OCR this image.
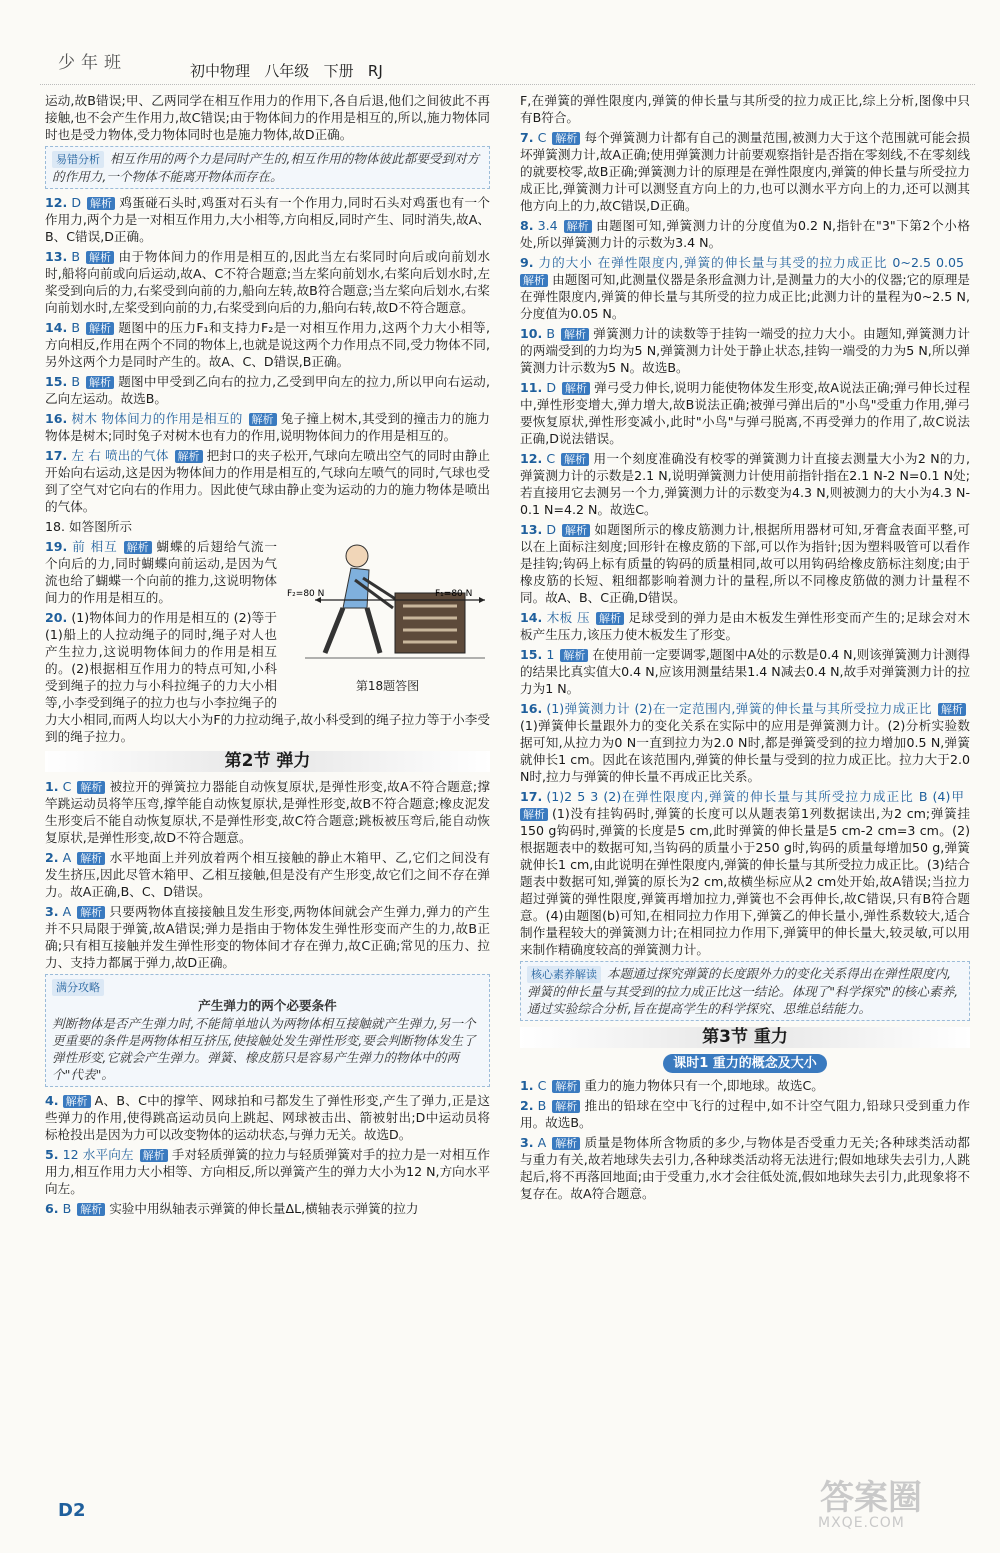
少年班	初中物理   八年级   下册   RJ
运动,故B错误;甲、乙两同学在相互作用力的作用下,各自后退,他们之间彼此不再接触,也不会产生作用力,故C错误;由于物体间力的作用是相互的,所以,施力物体同时也是受力物体,受力物体同时也是施力物体,故D正确。
易错分析 相互作用的两个力是同时产生的,相互作用的物体彼此都要受到对方的作用力,一个物体不能离开物体而存在。
12. D 解析 鸡蛋碰石头时,鸡蛋对石头有一个作用力,同时石头对鸡蛋也有一个作用力,两个力是一对相互作用力,大小相等,方向相反,同时产生、同时消失,故A、B、C错误,D正确。
13. B 解析 由于物体间力的作用是相互的,因此当左右桨同时向后或向前划水时,船将向前或向后运动,故A、C不符合题意;当左桨向前划水,右桨向后划水时,左桨受到向后的力,右桨受到向前的力,船向左转,故B符合题意;当左桨向后划水,右桨向前划水时,左桨受到向前的力,右桨受到向后的力,船向右转,故D不符合题意。
14. B 解析 题图中的压力F₁和支持力F₂是一对相互作用力,这两个力大小相等,方向相反,作用在两个不同的物体上,也就是说这两个力作用点不同,受力物体不同,另外这两个力是同时产生的。故A、C、D错误,B正确。
15. B 解析 题图中甲受到乙向右的拉力,乙受到甲向左的拉力,所以甲向右运动,乙向左运动。故选B。
16. 树木 物体间力的作用是相互的 解析 兔子撞上树木,其受到的撞击力的施力物体是树木;同时兔子对树木也有力的作用,说明物体间力的作用是相互的。
17. 左 右 喷出的气体 解析 把封口的夹子松开,气球向左喷出空气的同时由静止开始向右运动,这是因为物体间力的作用是相互的,气球向左喷气的同时,气球也受到了空气对它向右的作用力。因此使气球由静止变为运动的力的施力物体是喷出的气体。
18. 如答图所示
F₂=80 N	F₁=80 N
第18题答图
19. 前 相互 解析 蝴蝶的后翅给气流一个向后的力,同时蝴蝶向前运动,是因为气流也给了蝴蝶一个向前的推力,这说明物体间力的作用是相互的。
20. (1)物体间力的作用是相互的 (2)等于 (1)船上的人拉动绳子的同时,绳子对人也产生拉力,这说明物体间力的作用是相互的。(2)根据相互作用力的特点可知,小科受到绳子的拉力与小科拉绳子的力大小相等,小李受到绳子的拉力也与小李拉绳子的力大小相同,而两人均以大小为F的力拉动绳子,故小科受到的绳子拉力等于小李受到的绳子拉力。
第2节 弹力
1. C 解析 被拉开的弹簧拉力器能自动恢复原状,是弹性形变,故A不符合题意;撑竿跳运动员将竿压弯,撑竿能自动恢复原状,是弹性形变,故B不符合题意;橡皮泥发生形变后不能自动恢复原状,不是弹性形变,故C符合题意;跳板被压弯后,能自动恢复原状,是弹性形变,故D不符合题意。
2. A 解析 水平地面上并列放着两个相互接触的静止木箱甲、乙,它们之间没有发生挤压,因此尽管木箱甲、乙相互接触,但是没有产生形变,故它们之间不存在弹力。故A正确,B、C、D错误。
3. A 解析 只要两物体直接接触且发生形变,两物体间就会产生弹力,弹力的产生并不只局限于弹簧,故A错误;弹力是指由于物体发生弹性形变而产生的力,故B正确;只有相互接触并发生弹性形变的物体间才存在弹力,故C正确;常见的压力、拉力、支持力都属于弹力,故D正确。
满分攻略
产生弹力的两个必要条件
判断物体是否产生弹力时,不能简单地认为两物体相互接触就产生弹力,另一个更重要的条件是两物体相互挤压,使接触处发生弹性形变,要会判断物体发生了弹性形变,它就会产生弹力。弹簧、橡皮筋只是容易产生弹力的物体中的两个"代表"。
4. 解析 A、B、C中的撑竿、网球拍和弓都发生了弹性形变,产生了弹力,正是这些弹力的作用,使得跳高运动员向上跳起、网球被击出、箭被射出;D中运动员将标枪投出是因为力可以改变物体的运动状态,与弹力无关。故选D。
5. 12 水平向左 解析 手对轻质弹簧的拉力与轻质弹簧对手的拉力是一对相互作用力,相互作用力大小相等、方向相反,所以弹簧产生的弹力大小为12 N,方向水平向左。
6. B 解析 实验中用纵轴表示弹簧的伸长量ΔL,横轴表示弹簧的拉力
F,在弹簧的弹性限度内,弹簧的伸长量与其所受的拉力成正比,综上分析,图像中只有B符合。
7. C 解析 每个弹簧测力计都有自己的测量范围,被测力大于这个范围就可能会损坏弹簧测力计,故A正确;使用弹簧测力计前要观察指针是否指在零刻线,不在零刻线的就要校零,故B正确;弹簧测力计的原理是在弹性限度内,弹簧的伸长量与所受拉力成正比,弹簧测力计可以测竖直方向上的力,也可以测水平方向上的力,还可以测其他方向上的力,故C错误,D正确。
8. 3.4 解析 由题图可知,弹簧测力计的分度值为0.2 N,指针在"3"下第2个小格处,所以弹簧测力计的示数为3.4 N。
9. 力的大小 在弹性限度内,弹簧的伸长量与其受的拉力成正比 0~2.5 0.05解析 由题图可知,此测量仪器是条形盒测力计,是测量力的大小的仪器;它的原理是在弹性限度内,弹簧的伸长量与其所受的拉力成正比;此测力计的量程为0~2.5 N,分度值为0.05 N。
10. B 解析 弹簧测力计的读数等于挂钩一端受的拉力大小。由题知,弹簧测力计的两端受到的力均为5 N,弹簧测力计处于静止状态,挂钩一端受的力为5 N,所以弹簧测力计示数为5 N。故选B。
11. D 解析 弹弓受力伸长,说明力能使物体发生形变,故A说法正确;弹弓伸长过程中,弹性形变增大,弹力增大,故B说法正确;被弹弓弹出后的"小鸟"受重力作用,弹弓要恢复原状,弹性形变减小,此时"小鸟"与弹弓脱离,不再受弹力的作用了,故C说法正确,D说法错误。
12. C 解析 用一个刻度准确没有校零的弹簧测力计直接去测量大小为2 N的力,弹簧测力计的示数是2.1 N,说明弹簧测力计使用前指针指在2.1 N-2 N=0.1 N处;若直接用它去测另一个力,弹簧测力计的示数变为4.3 N,则被测力的大小为4.3 N-0.1 N=4.2 N。故选C。
13. D 解析 如题图所示的橡皮筋测力计,根据所用器材可知,牙膏盒表面平整,可以在上面标注刻度;回形针在橡皮筋的下部,可以作为指针;因为塑料吸管可以看作是挂钩;钩码上标有质量的钩码的质量相同,故可以用钩码给橡皮筋标注刻度;由于橡皮筋的长短、粗细都影响着测力计的量程,所以不同橡皮筋做的测力计量程不同。故A、B、C正确,D错误。
14. 木板 压 解析 足球受到的弹力是由木板发生弹性形变而产生的;足球会对木板产生压力,该压力使木板发生了形变。
15. 1 解析 在使用前一定要调零,题图中A处的示数是0.4 N,则该弹簧测力计测得的结果比真实值大0.4 N,应该用测量结果1.4 N减去0.4 N,故手对弹簧测力计的拉力为1 N。
16. (1)弹簧测力计 (2)在一定范围内,弹簧的伸长量与其所受拉力成正比 解析(1)弹簧伸长量跟外力的变化关系在实际中的应用是弹簧测力计。(2)分析实验数据可知,从拉力为0 N一直到拉力为2.0 N时,都是弹簧受到的拉力增加0.5 N,弹簧就伸长1 cm。因此在该范围内,弹簧的伸长量与受到的拉力成正比。拉力大于2.0 N时,拉力与弹簧的伸长量不再成正比关系。
17. (1)2 5 3 (2)在弹性限度内,弹簧的伸长量与其所受拉力成正比 B (4)甲解析 (1)没有挂钩码时,弹簧的长度可以从题表第1列数据读出,为2 cm;弹簧挂150 g钩码时,弹簧的长度是5 cm,此时弹簧的伸长量是5 cm-2 cm=3 cm。(2)根据题表中的数据可知,当钩码的质量小于250 g时,钩码的质量每增加50 g,弹簧就伸长1 cm,由此说明在弹性限度内,弹簧的伸长量与其所受拉力成正比。(3)结合题表中数据可知,弹簧的原长为2 cm,故横坐标应从2 cm处开始,故A错误;当拉力超过弹簧的弹性限度,弹簧再增加拉力,弹簧也不会再伸长,故C错误,只有B符合题意。(4)由题图(b)可知,在相同拉力作用下,弹簧乙的伸长量小,弹性系数较大,适合制作量程较大的弹簧测力计;在相同拉力作用下,弹簧甲的伸长量大,较灵敏,可以用来制作精确度较高的弹簧测力计。
核心素养解读 本题通过探究弹簧的长度跟外力的变化关系得出在弹性限度内,弹簧的伸长量与其受到的拉力成正比这一结论。体现了"科学探究"的核心素养,通过实验综合分析,旨在提高学生的科学探究、思维总结能力。
第3节 重力
课时1 重力的概念及大小
1. C 解析 重力的施力物体只有一个,即地球。故选C。
2. B 解析 推出的铅球在空中飞行的过程中,如不计空气阻力,铅球只受到重力作用。故选B。
3. A 解析 质量是物体所含物质的多少,与物体是否受重力无关;各种球类活动都与重力有关,故若地球失去引力,各种球类活动将无法进行;假如地球失去引力,人跳起后,将不再落回地面;由于受重力,水才会往低处流,假如地球失去引力,此现象将不复存在。故A符合题意。
D2	答案圈
MXQE.COM
